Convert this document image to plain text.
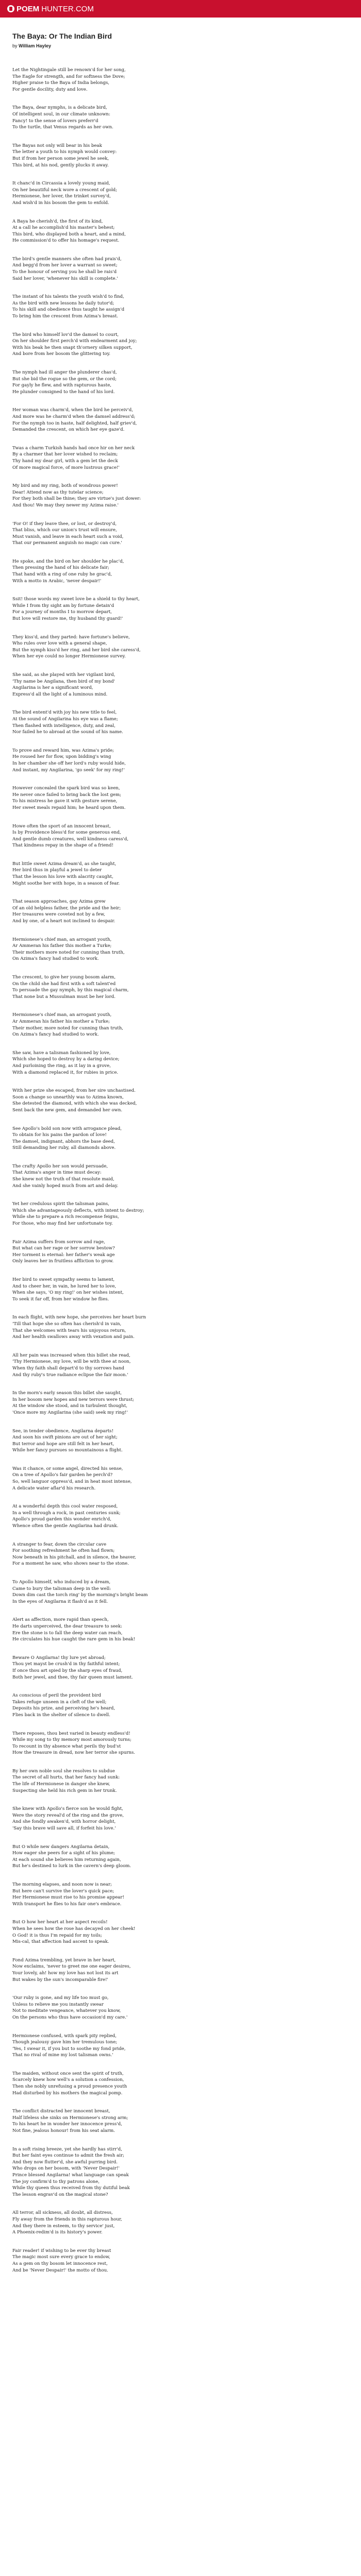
POEM HUNTER.COM
The Baya: Or The Indian Bird

by William Hayley

Let the Nightingale still be renown'd for her song,
The Eagle for strength, and for softness the Dove;
Higher praise to the Baya of India belongs,
For gentle docility, duty and love.
The Baya, dear nymphs, is a delicate bird,
Of intelligent soul, in our climate unknown:
Fancy! to the sense of lovers preferr'd
To the turtle, that Venus regards as her own.
The Bayas not only will bear in his beak
The letter a youth to his nymph would convey:
But if from her person some jewel he seek,
This bird, at his nod, gently plucks it away.
It chanc'd in Circassia a lovely young maid,
On her beautiful neck wore a crescent of gold;
Hermionese, her lover, the trinket survey'd,
And wish'd in his bosom the gem to enfold.
A Baya he cherish'd, the first of its kind,
At a call he accomplish'd his master's behest;
This bird, who displayed both a heart, and a mind,
He commission'd to offer his homage's request.
The bird's gentle manners she often had prais'd,
And begg'd from her lover a warrant so sweet;
To the honour of serving you he shall be rais'd
Said her lover, 'whenever his skill is complete.'
The instant of his talents the youth wish'd to find,
As the bird with new lessons he daily tutor'd;
To his skill and obedience thus taught he assign'd
To bring him the crescent from Azima's breast.
The bird who himself lov'd the damsel to court,
On her shoulder first perch'd with endearment and joy;
With his beak he then snapt th'ornery silken support,
And bore from her bosom the glittering toy.
The nymph had ill anger the plunderer chas'd,
But she bid the rogue so the gem, or the cord;
For gayly he flew, and with rapturous haste,
He plunder consigned to the hand of his lord.
Her woman was charm'd, when the bird he perceiv'd,
And more was he charm'd when the damsel address'd;
For the nymph too in haste, half delighted, half griev'd,
Demanded the crescent, on which her eye gaze'd.
Twas a charm Turkish hands had once hir on her neck
By a charmer that her lover wished to reclaim;
Thy hand my dear girl, with a gem let the deck
Of more magical force, of more lustrous grace!'
My bird and my ring, both of wondrous power!
Dear! Attend now as thy tutelar science;
For they both shall be thine; they are virtue's just dower:
And thou! We may they newer my Azima raise.'
'For O! if they leave thee, or lost, or destroy'd,
That bliss, which our union's trust will ensure,
Must vanish, and leave in each heart such a void,
That our permanent anguish no magic can cure.'
He spoke, and the bird on her shoulder he plac'd,
Then pressing the hand of his delicate fair;
That hand with a ring of one ruby he grac'd,
With a motto in Arabic, 'never despair!'
Ssit! those words my sweet love be a shield to thy heart,
While I from thy sight am by fortune detain'd
For a journey of months I to morrow depart,
But love will restore me, thy husband thy guard!'
They kiss'd, and they parted: have fortune's believe,
Who rules over love with a general shape,
But the nymph kiss'd her ring, and her bird she caress'd,
When her eye could no longer Hermionese survey.
She said, as she played with her vigilant bird,
'Thy name be Angilana, then bird of my bond'
Angilarina is her a significant word,
Express'd all the light of a luminous mind.
The bird entent'd with joy his new title to feel,
At the sound of Angilarina his eye was a flame;
Then flashed with intelligence, duty, and zeal,
Nor failed he to abroad at the sound of his name.
To prove and reward him, was Azima's pride;
He roused her for flow, upon bidding's wing
In her chamber she off her lord's ruby would hide,
And instant, my Angilarina, 'go seek' for my ring!'
However concealed the spark bird was so keen,
He never once failed to bring back the lost gem;
To his mistress he gave it with gesture serene,
Her sweet meals repaid him; he heard upon them.
Howe often the sport of an innocent breast,
Is by Providence bless'd for some generous end,
And gentle dumb creatures, well kindness caress'd,
That kindness repay in the shape of a friend!
But little sweet Azima dream'd, as she taught,
Her bird thus in playful a jewel to deter
That the lesson his love with alacrity caught,
Might soothe her with hope, in a season of fear.
That season approaches, gay Azima grew
Of an old helpless father, the pride and the heir;
Her treasures were coveted not by a few,
And by one, of a heart not inclined to despair.
Hermionese's chief man, an arrogant youth,
Ar Ammeran his father this mother a Turke;
Their mothers more noted for cunning than truth,
On Azima's fancy had studied to work.
The crescent, to give her young bosom alarm,
On the child she had first with a soft talent'ed
To persuade the gay nymph, by this magical charm,
That none but a Mussulman must be her lord.
Hermionese's chief man, an arrogant youth,
Ar Ammeran his father his mother a Turke;
Their mother, more noted for cunning than truth,
On Azima's fancy had studied to work.
She saw, have a talisman fashioned by love,
Which she hoped to destroy by a daring device;
And purloining the ring, as it lay in a grove,
With a diamond replaced it, for rubies in price.
With her prize she escaped, from her sire unchastised.
Soon a change so unearthly was to Azima known,
She detested the diamond, with which she was decked,
Sent back the new gem, and demanded her own.
See Apollo's bold son now with arrogance plead,
To obtain for his pains the pardon of love!
The damsel, indignant, abhors the base deed,
Still demanding her ruby, all diamonds above.
The crafty Apollo her son would persuade,
That Azima's anger in time must decay:
She knew not the truth of that resolute maid,
And she vainly hoped much from art and delay.
Yet her credulous spirit the talisman pains,
Which she advantageously deflects, with intent to destroy;
While she to prepare a rich recompense feigns,
For those, who may find her unfortunate toy.
Fair Azima suffers from sorrow and rage,
But what can her rage or her sorrow bestow?
Her torment is eternal: her father's weak age
Only leaves her in fruitless affliction to grow.
Her bird to sweet sympathy seems to lament,
And to cheer her, in vain, he lured her to love,
When she says, 'O my ring!' on her wishes intent,
To seek it far off, from her window he flies.
In each flight, with new hope, she perceives her heart burn
'Till that hope she so often has cherish'd in vain,
That she welcomes with tears his unjoyous return,
And her health swallows away with vexation and pain.
All her pain was increased when this billet she read,
'Thy Hermionese, my love, will be with thee at noon,
When thy faith shall depart'd to thy sorrows hand
And thy ruby's true radiance eclipse the fair moon.'
In the morn's early season this billet she saught,
In her bosom new hopes and new terrors were thrust;
At the window she stood, and in turbulent thought,
'Once more my Angilarina (she said) seek my ring!'
See, in tender obedience, Angilarna departs!
And soon his swift pinions are out of her sight;
But terror and hope are still felt in her heart,
While her fancy pursues so mountainous a flight.
Was it chance, or some angel, directed his sense,
On a tree of Apollo's fair garden he perch'd?
So, well languor oppress'd, and in heat most intense,
A delicate water aflar'd his research.
At a wonderful depth this cool water resposed,
In a well through a rock, in past centuries sunk;
Apollo's proud garden this wonder enrich'd,
Whence often the gentle Angilarina had drunk.
A stranger to fear, down the circular cave
For soothing refreshment he often had flown;
Now beneath in his pitchall, and in silence, the heaver,
For a moment he saw, who shows near to the stone.
To Apollo himself, who induced by a dream,
Came to bury the talisman deep in the well:
Down dim cast the torch ring' by the morning's bright beam
In the eyes of Angilarna it flash'd as it fell.
Alert as affection, more rapid than speech,
He darts unperceived, the dear treasure to seek:
Ere the stone is to fall the deep water can reach,
He circulates his hue caught the rare gem in his beak!
Beware O Angilarna! thy lure yet abroad;
Thou yet mayst be crush'd in thy faithful intent;
If once thou art spied by the sharp eyes of fraud,
Both her jewel, and thee, thy fair queen must lament.
As conscious of peril the provident bird
Takes refuge unseen in a cleft of the well;
Deposits his prize, and perceiving he's heard,
Flies back in the shelter of silence to dwell.
There reposes, thou best varied in beauty endless'd!
While my song to thy memory most amorously turns;
To recount in thy absence what perils thy bud'st
How the treasure in dread, now her terror she spurns.
By her own noble soul she resolves to subdue
The secret of all hurts, that her fancy had sunk:
The life of Hermionese in danger she knew,
Suspecting she held his rich gem in her trunk.
She knew with Apollo's fierce son he would fight,
Were the story reveal'd of the ring and the grove,
And she fondly awaken'd, with horror delight,
'Say this brave will save all, if forfeit his love.'
But O while new dangers Angilarna detain,
How eager she peers for a sight of his plume;
At each sound she believes him returning again,
But he's destined to lurk in the cavern's deep gloom.
The morning elapses, and noon now is near;
But here can't survive the lover's quick pace;
Her Hermionese must rise to his promise appear!
With transport he flies to his fair one's embrace.
But O how her heart at her aspect recoils!
When he sees how the rose has decayed on her cheek!
O God! it is thus I'm repaid for my toils;
Mis-cal, that affection had ascent to speak.
Fond Azima trembling, yet brave in her heart,
Now exclaims, 'never to greet me one eager desires,
Your lovely, ah! how my love has not lost its art
But wakes by the sun's incomparable fire!'
'Our ruby is gone, and my life too must go,
Unless to relieve me you instantly swear
Not to meditate vengeance, whatever you know,
On the persons who thus have occasion'd my care.'
Hermionese confused, with spark pity replied,
Though jealousy gave him her tremulous tone;
'Yes, I swear it, if you but to soothe my fond pride,
That no rival of mine my lost talisman owns.'
The maiden, without once sent the spirit of truth,
Scarcely knew how well's a solution a confession,
Then she nobly unrefusing a proud presence youth
Had disturbed by his mothers the magical pomp.
The conflict distracted her innocent breast,
Half lifeless she sinks on Hermionese's strong arm;
To his heart he in wonder her innocence press'd,
Not fine, jealous honour! from his seat alarm.
In a soft rising breeze, yet she hardly has stirr'd,
But her faint eyes continue to admit the fresh air;
And they now flutter'd, she awful purring bird.
Who drops on her bosom, with 'Never Despair!'
Prince blessed Angilarna! what language can speak
The joy confirm'd to thy patrons alone,
While thy queen thus received from thy dutiful beak
The lesson engrav'd on the magical stone?
All terror, all sickness, all doubt, all distress,
Fly away from the friends in this rapturous hour,
And they there in esteem, to thy service' just,
A Phoenix-redim'd is its history's power.
Fair reader! if wishing to be ever thy breast
The magic most sure every grace to endow,
As a gem on thy bosom let innocence rest,
And be 'Never Despair!' the motto of thou.
